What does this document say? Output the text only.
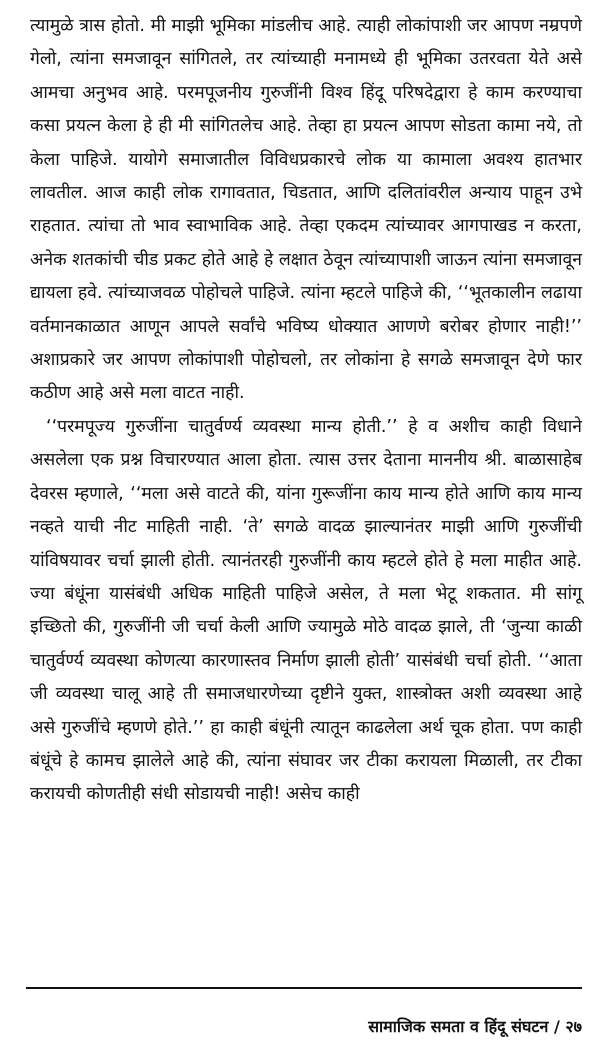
त्यामुळे त्रास होतो. मी माझी भूमिका मांडलीच आहे. त्याही लोकांपाशी जर आपण नम्रपणे गेलो, त्यांना समजावून सांगितले, तर त्यांच्याही मनामध्ये ही भूमिका उतरवता येते असे आमचा अनुभव आहे. परमपूजनीय गुरुजींनी विश्व हिंदू परिषदेद्वारा हे काम करण्याचा कसा प्रयत्न केला हे ही मी सांगितलेच आहे. तेव्हा हा प्रयत्न आपण सोडता कामा नये, तो केला पाहिजे. यायोगे समाजातील विविधप्रकारचे लोक या कामाला अवश्य हातभार लावतील. आज काही लोक रागावतात, चिडतात, आणि दलितांवरील अन्याय पाहून उभे राहतात. त्यांचा तो भाव स्वाभाविक आहे. तेव्हा एकदम त्यांच्यावर आगपाखड न करता, अनेक शतकांची चीड प्रकट होते आहे हे लक्षात ठेवून त्यांच्यापाशी जाऊन त्यांना समजावून द्यायला हवे. त्यांच्याजवळ पोहोचले पाहिजे. त्यांना म्हटले पाहिजे की, ‘‘भूतकालीन लढाया वर्तमानकाळात आणून आपले सर्वांचे भविष्य धोक्यात आणणे बरोबर होणार नाही!’’ अशाप्रकारे जर आपण लोकांपाशी पोहोचलो, तर लोकांना हे सगळे समजावून देणे फार कठीण आहे असे मला वाटत नाही.

‘‘परमपूज्य गुरुजींना चातुर्वर्ण्य व्यवस्था मान्य होती.’’ हे व अशीच काही विधाने असलेला एक प्रश्न विचारण्यात आला होता. त्यास उत्तर देताना माननीय श्री. बाळासाहेब देवरस म्हणाले, ‘‘मला असे वाटते की, यांना गुरूजींना काय मान्य होते आणि काय मान्य नव्हते याची नीट माहिती नाही. ‘ते’ सगळे वादळ झाल्यानंतर माझी आणि गुरुजींची यांविषयावर चर्चा झाली होती. त्यानंतरही गुरुजींनी काय म्हटले होते हे मला माहीत आहे. ज्या बंधूंना यासंबंधी अधिक माहिती पाहिजे असेल, ते मला भेटू शकतात. मी सांगू इच्छितो की, गुरुजींनी जी चर्चा केली आणि ज्यामुळे मोठे वादळ झाले, ती ‘जुन्या काळी चातुर्वर्ण्य व्यवस्था कोणत्या कारणास्तव निर्माण झाली होती’ यासंबंधी चर्चा होती. ‘‘आता जी व्यवस्था चालू आहे ती समाजधारणेच्या दृष्टीने युक्त, शास्त्रोक्त अशी व्यवस्था आहे असे गुरुजींचे म्हणणे होते.’’ हा काही बंधूंनी त्यातून काढलेला अर्थ चूक होता. पण काही बंधूंचे हे कामच झालेले आहे की, त्यांना संघावर जर टीका करायला मिळाली, तर टीका करायची कोणतीही संधी सोडायची नाही! असेच काही

सामाजिक समता व हिंदू संघटन / २७
